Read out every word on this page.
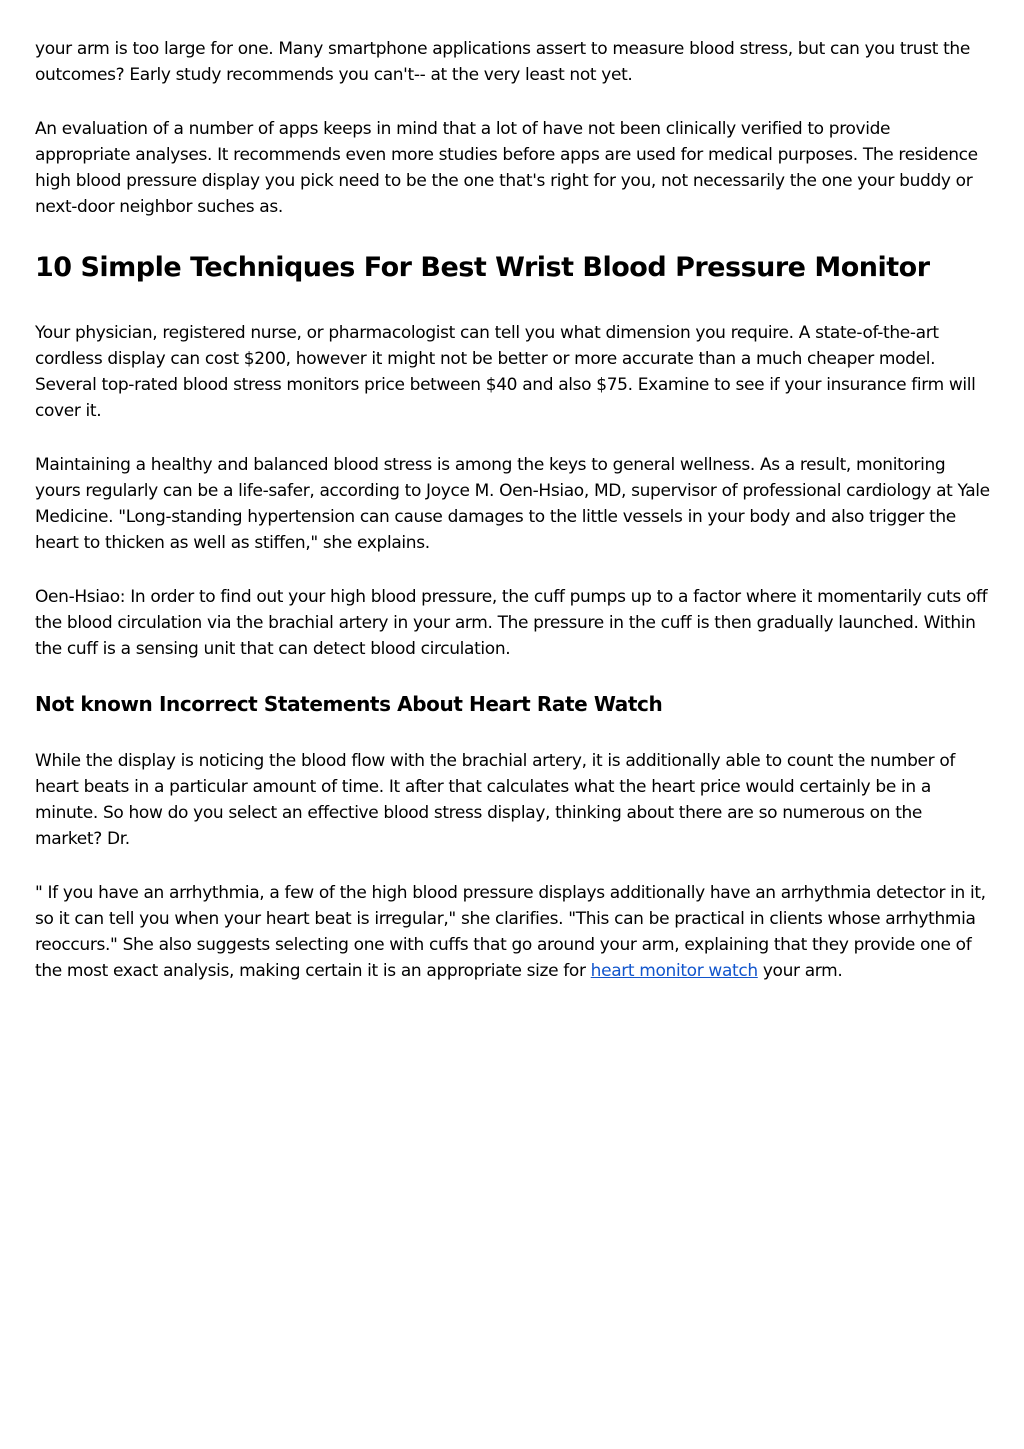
your arm is too large for one. Many smartphone applications assert to measure blood stress, but can you trust the outcomes? Early study recommends you can't-- at the very least not yet.

An evaluation of a number of apps keeps in mind that a lot of have not been clinically verified to provide appropriate analyses. It recommends even more studies before apps are used for medical purposes. The residence high blood pressure display you pick need to be the one that's right for you, not necessarily the one your buddy or next-door neighbor suches as.

10 Simple Techniques For Best Wrist Blood Pressure Monitor

Your physician, registered nurse, or pharmacologist can tell you what dimension you require. A state-of-the-art cordless display can cost $200, however it might not be better or more accurate than a much cheaper model. Several top-rated blood stress monitors price between $40 and also $75. Examine to see if your insurance firm will cover it.

Maintaining a healthy and balanced blood stress is among the keys to general wellness. As a result, monitoring yours regularly can be a life-safer, according to Joyce M. Oen-Hsiao, MD, supervisor of professional cardiology at Yale Medicine. "Long-standing hypertension can cause damages to the little vessels in your body and also trigger the heart to thicken as well as stiffen," she explains.

Oen-Hsiao: In order to find out your high blood pressure, the cuff pumps up to a factor where it momentarily cuts off the blood circulation via the brachial artery in your arm. The pressure in the cuff is then gradually launched. Within the cuff is a sensing unit that can detect blood circulation.

Not known Incorrect Statements About Heart Rate Watch

While the display is noticing the blood flow with the brachial artery, it is additionally able to count the number of heart beats in a particular amount of time. It after that calculates what the heart price would certainly be in a minute. So how do you select an effective blood stress display, thinking about there are so numerous on the market? Dr.

" If you have an arrhythmia, a few of the high blood pressure displays additionally have an arrhythmia detector in it, so it can tell you when your heart beat is irregular," she clarifies. "This can be practical in clients whose arrhythmia reoccurs." She also suggests selecting one with cuffs that go around your arm, explaining that they provide one of the most exact analysis, making certain it is an appropriate size for heart monitor watch your arm.
